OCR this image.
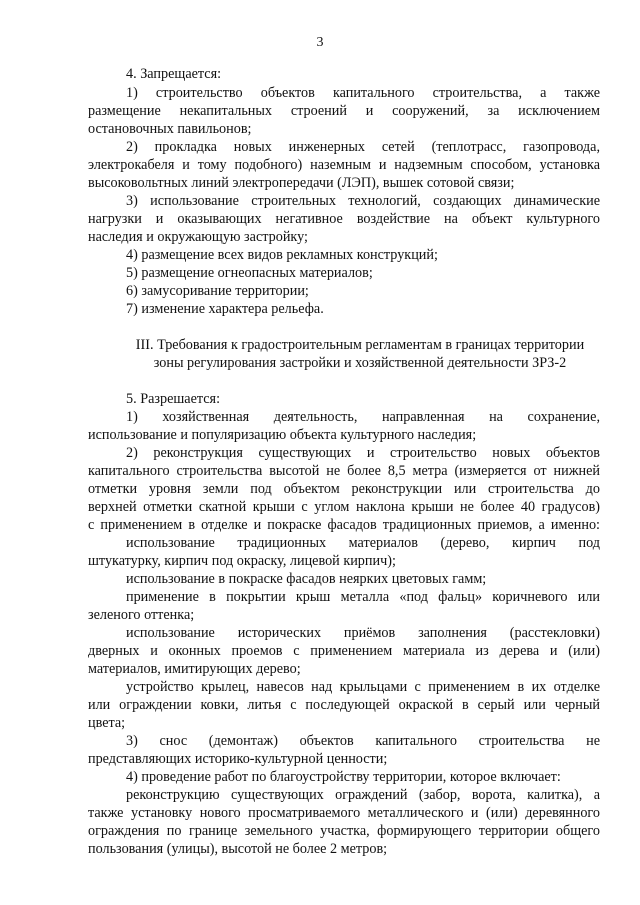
3
4. Запрещается:
1) строительство объектов капитального строительства, а также
размещение некапитальных строений и сооружений, за исключением
остановочных павильонов;
2) прокладка новых инженерных сетей (теплотрасс, газопровода,
электрокабеля и тому подобного) наземным и надземным способом, установка
высоковольтных линий электропередачи (ЛЭП), вышек сотовой связи;
3) использование строительных технологий, создающих динамические
нагрузки и оказывающих негативное воздействие на объект культурного
наследия и окружающую застройку;
4) размещение всех видов рекламных конструкций;
5) размещение огнеопасных материалов;
6) замусоривание территории;
7) изменение характера рельефа.
III. Требования к градостроительным регламентам в границах территории
зоны регулирования застройки и хозяйственной деятельности ЗРЗ-2
5. Разрешается:
1) хозяйственная деятельность, направленная на сохранение,
использование и популяризацию объекта культурного наследия;
2) реконструкция существующих и строительство новых объектов
капитального строительства высотой не более 8,5 метра (измеряется от нижней
отметки уровня земли под объектом реконструкции или строительства до
верхней отметки скатной крыши с углом наклона крыши не более 40 градусов)
с применением в отделке и покраске фасадов традиционных приемов, а именно:
использование традиционных материалов (дерево, кирпич под
штукатурку, кирпич под окраску, лицевой кирпич);
использование в покраске фасадов неярких цветовых гамм;
применение в покрытии крыш металла «под фальц» коричневого или
зеленого оттенка;
использование исторических приёмов заполнения (расстекловки)
дверных и оконных проемов с применением материала из дерева и (или)
материалов, имитирующих дерево;
устройство крылец, навесов над крыльцами с применением в их отделке
или ограждении ковки, литья с последующей окраской в серый или черный
цвета;
3) снос (демонтаж) объектов капитального строительства не
представляющих историко-культурной ценности;
4) проведение работ по благоустройству территории, которое включает:
реконструкцию существующих ограждений (забор, ворота, калитка), а
также установку нового просматриваемого металлического и (или) деревянного
ограждения по границе земельного участка, формирующего территории общего
пользования (улицы), высотой не более 2 метров;
